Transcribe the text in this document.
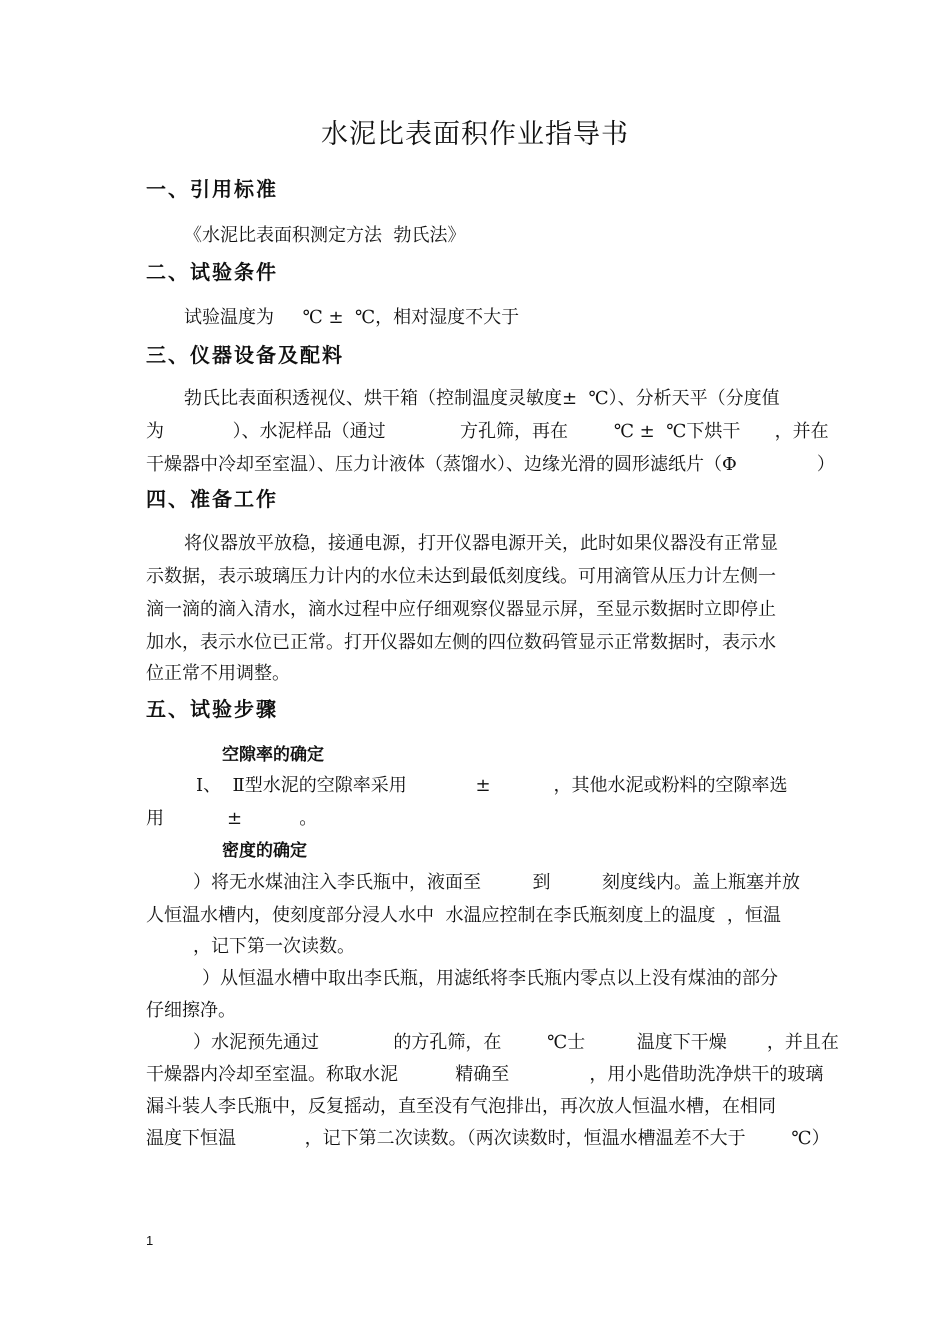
水泥比表面积作业指导书
一、引用标准
《水泥比表面积测定方法  勃氏法》
二、试验条件
试验温度为     ℃ ±  ℃，相对湿度不大于
三、仪器设备及配料
勃氏比表面积透视仪、烘干箱（控制温度灵敏度±  ℃）、分析天平（分度值
为            ）、水泥样品（通过             方孔筛，再在        ℃ ±  ℃下烘干      ，并在
干燥器中冷却至室温）、压力计液体（蒸馏水）、边缘光滑的圆形滤纸片（Φ              ）
四、准备工作
将仪器放平放稳，接通电源，打开仪器电源开关，此时如果仪器没有正常显
示数据，表示玻璃压力计内的水位未达到最低刻度线。可用滴管从压力计左侧一
滴一滴的滴入清水，滴水过程中应仔细观察仪器显示屏，至显示数据时立即停止
加水，表示水位已正常。打开仪器如左侧的四位数码管显示正常数据时，表示水
位正常不用调整。
五、试验步骤
空隙率的确定
Ⅰ、  Ⅱ型水泥的空隙率采用            ±           ，其他水泥或粉料的空隙率选
用           ±          。
密度的确定
）将无水煤油注入李氏瓶中，液面至         到         刻度线内。盖上瓶塞并放
人恒温水槽内，使刻度部分浸人水中  水温应控制在李氏瓶刻度上的温度  ，恒温
，记下第一次读数。
）从恒温水槽中取出李氏瓶，用滤纸将李氏瓶内零点以上没有煤油的部分
仔细擦净。
）水泥预先通过             的方孔筛，在        ℃士         温度下干燥       ，并且在
干燥器内冷却至室温。称取水泥          精确至              ，用小匙借助洗净烘干的玻璃
漏斗装人李氏瓶中，反复摇动，直至没有气泡排出，再次放人恒温水槽，在相同
温度下恒温            ，记下第二次读数。（两次读数时，恒温水槽温差不大于        ℃）
1
